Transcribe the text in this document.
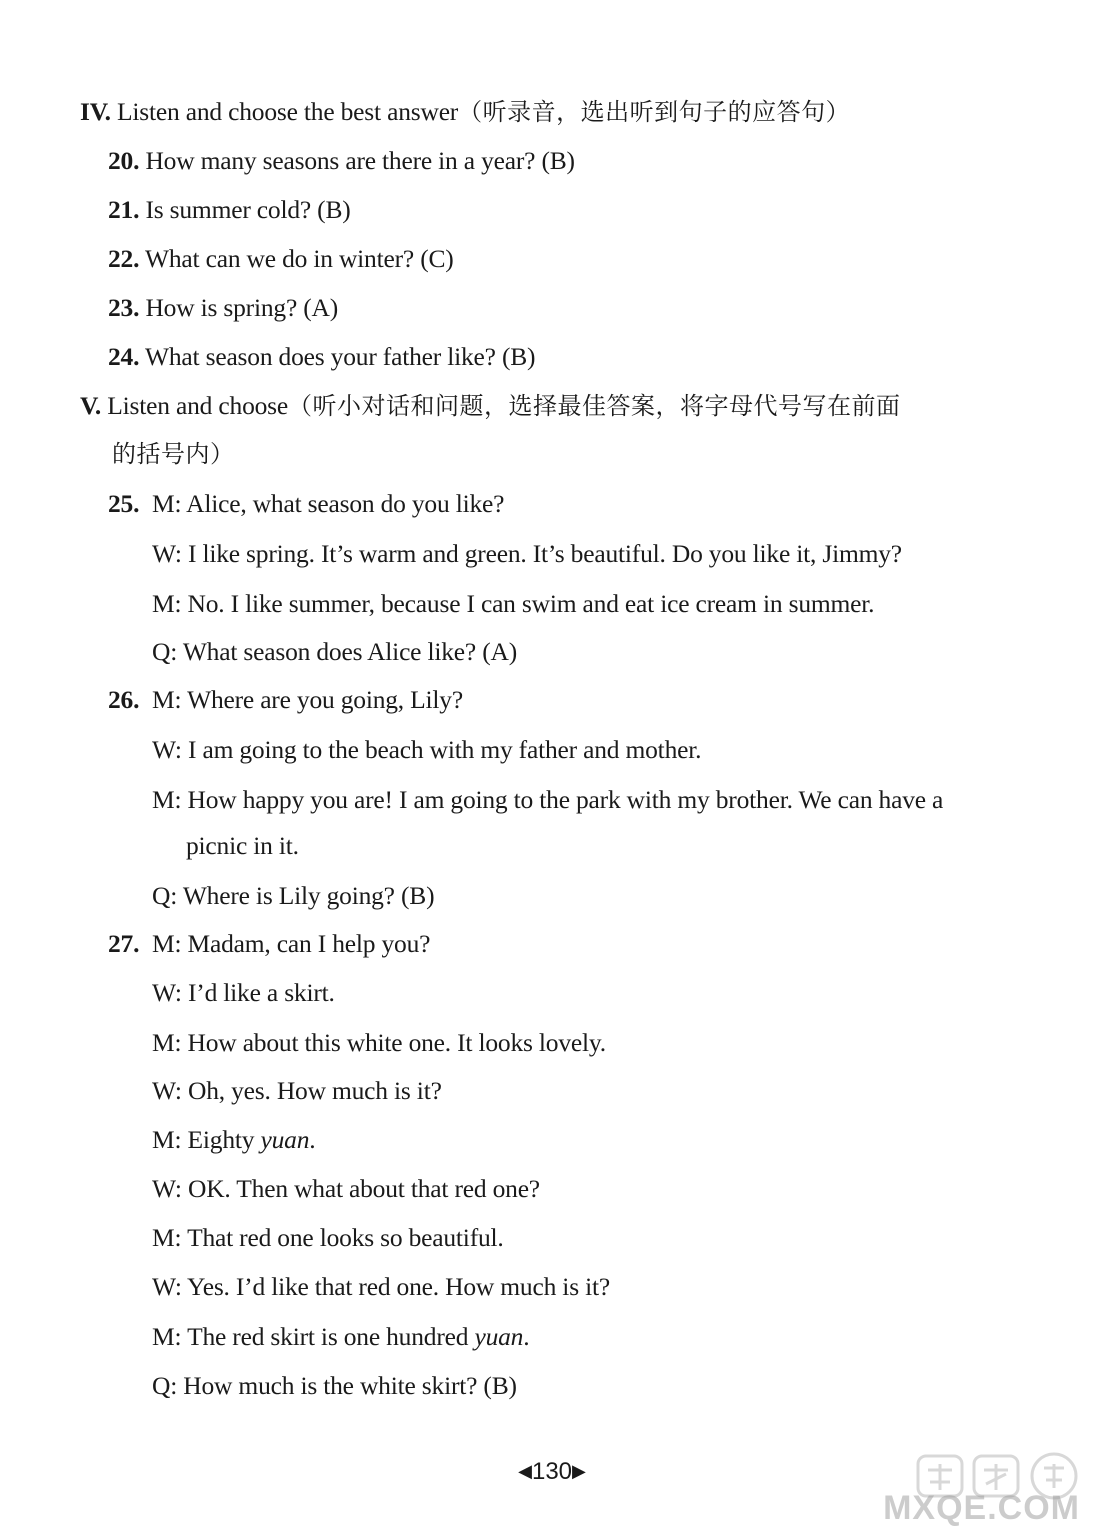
IV. Listen and choose the best answer（听录音，选出听到句子的应答句）
20. How many seasons are there in a year? (B)
21. Is summer cold? (B)
22. What can we do in winter? (C)
23. How is spring? (A)
24. What season does your father like? (B)
V. Listen and choose（听小对话和问题，选择最佳答案，将字母代号写在前面
的括号内）
25. M: Alice, what season do you like?
W: I like spring. It’s warm and green. It’s beautiful. Do you like it, Jimmy?
M: No. I like summer, because I can swim and eat ice cream in summer.
Q: What season does Alice like? (A)
26. M: Where are you going, Lily?
W: I am going to the beach with my father and mother.
M: How happy you are! I am going to the park with my brother. We can have a
picnic in it.
Q: Where is Lily going? (B)
27. M: Madam, can I help you?
W: I’d like a skirt.
M: How about this white one. It looks lovely.
W: Oh, yes. How much is it?
M: Eighty yuan.
W: OK. Then what about that red one?
M: That red one looks so beautiful.
W: Yes. I’d like that red one. How much is it?
M: The red skirt is one hundred yuan.
Q: How much is the white skirt? (B)
◀130▶
MXQE.COM
